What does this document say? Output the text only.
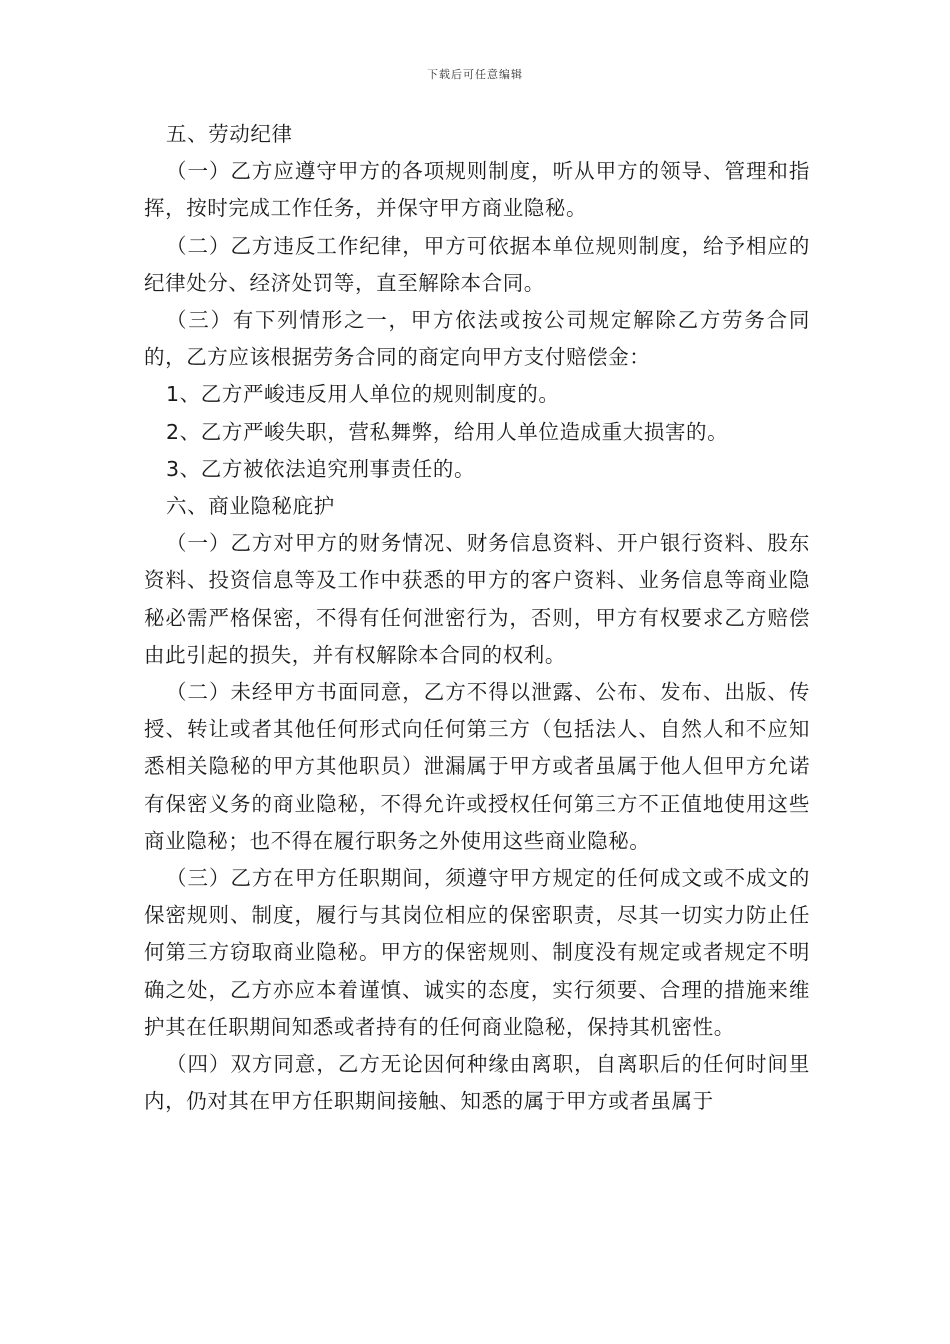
下载后可任意编辑

五、劳动纪律

（一）乙方应遵守甲方的各项规则制度，听从甲方的领导、管理和指挥，按时完成工作任务，并保守甲方商业隐秘。

（二）乙方违反工作纪律，甲方可依据本单位规则制度，给予相应的纪律处分、经济处罚等，直至解除本合同。

（三）有下列情形之一，甲方依法或按公司规定解除乙方劳务合同的，乙方应该根据劳务合同的商定向甲方支付赔偿金：

1、乙方严峻违反用人单位的规则制度的。

2、乙方严峻失职，营私舞弊，给用人单位造成重大损害的。

3、乙方被依法追究刑事责任的。

六、商业隐秘庇护

（一）乙方对甲方的财务情况、财务信息资料、开户银行资料、股东资料、投资信息等及工作中获悉的甲方的客户资料、业务信息等商业隐秘必需严格保密，不得有任何泄密行为，否则，甲方有权要求乙方赔偿由此引起的损失，并有权解除本合同的权利。

（二）未经甲方书面同意，乙方不得以泄露、公布、发布、出版、传授、转让或者其他任何形式向任何第三方（包括法人、自然人和不应知悉相关隐秘的甲方其他职员）泄漏属于甲方或者虽属于他人但甲方允诺有保密义务的商业隐秘，不得允许或授权任何第三方不正值地使用这些商业隐秘；也不得在履行职务之外使用这些商业隐秘。

（三）乙方在甲方任职期间，须遵守甲方规定的任何成文或不成文的保密规则、制度，履行与其岗位相应的保密职责，尽其一切实力防止任何第三方窃取商业隐秘。甲方的保密规则、制度没有规定或者规定不明确之处，乙方亦应本着谨慎、诚实的态度，实行须要、合理的措施来维护其在任职期间知悉或者持有的任何商业隐秘，保持其机密性。

（四）双方同意，乙方无论因何种缘由离职，自离职后的任何时间里内，仍对其在甲方任职期间接触、知悉的属于甲方或者虽属于
